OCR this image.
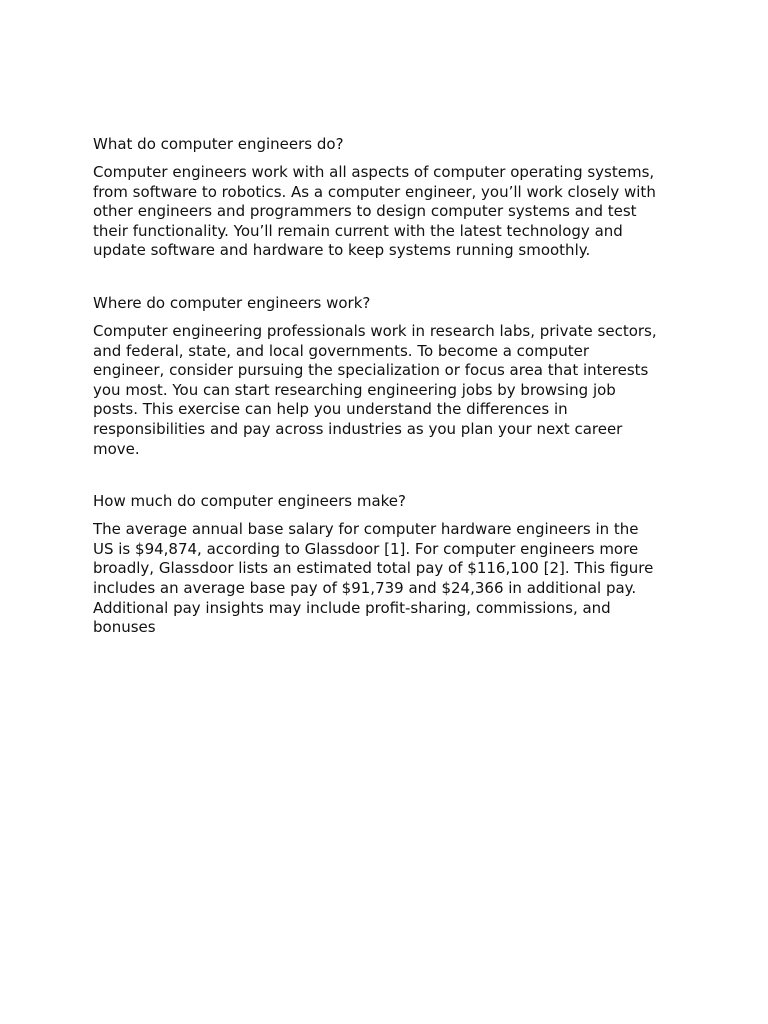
What do computer engineers do?

Computer engineers work with all aspects of computer operating systems,
from software to robotics. As a computer engineer, you’ll work closely with
other engineers and programmers to design computer systems and test
their functionality. You’ll remain current with the latest technology and
update software and hardware to keep systems running smoothly.

Where do computer engineers work?

Computer engineering professionals work in research labs, private sectors,
and federal, state, and local governments. To become a computer
engineer, consider pursuing the specialization or focus area that interests
you most. You can start researching engineering jobs by browsing job
posts. This exercise can help you understand the differences in
responsibilities and pay across industries as you plan your next career
move.

How much do computer engineers make?

The average annual base salary for computer hardware engineers in the
US is $94,874, according to Glassdoor [1]. For computer engineers more
broadly, Glassdoor lists an estimated total pay of $116,100 [2]. This figure
includes an average base pay of $91,739 and $24,366 in additional pay.
Additional pay insights may include profit-sharing, commissions, and
bonuses
